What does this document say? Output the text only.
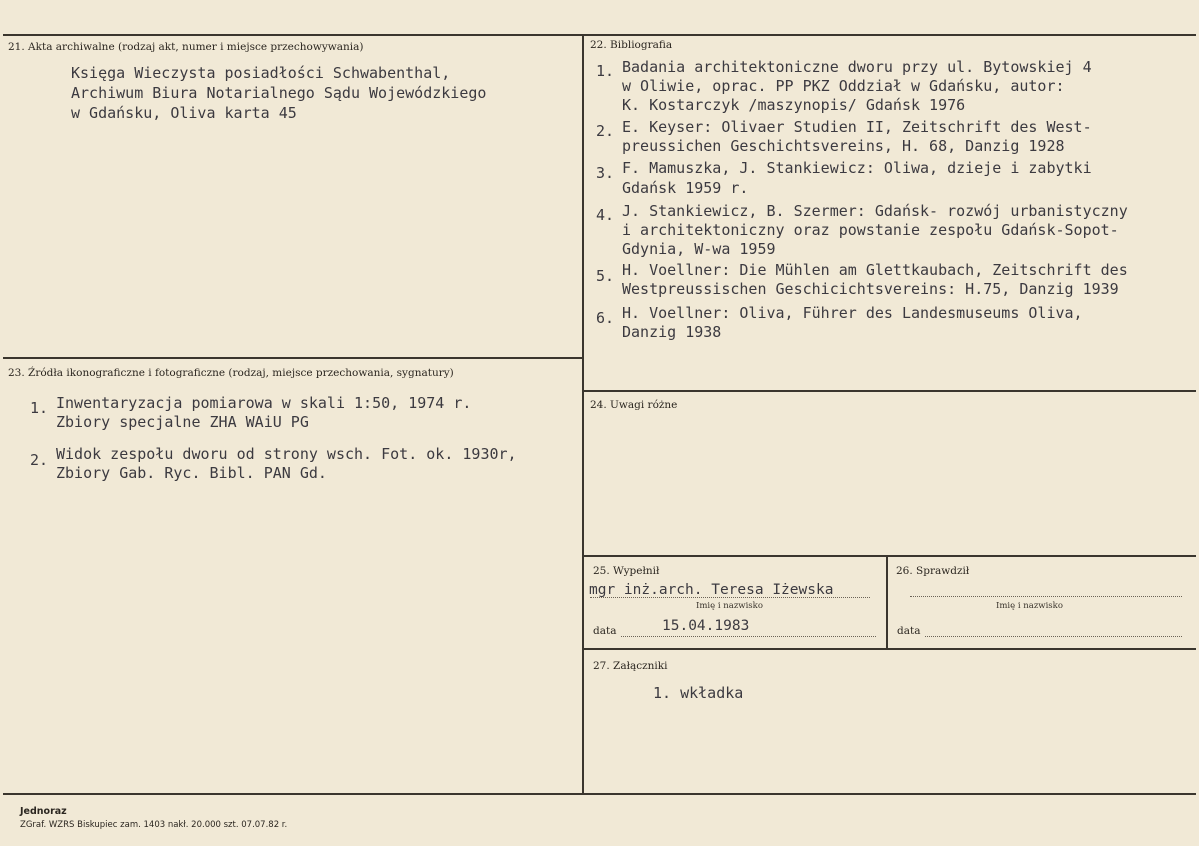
21. Akta archiwalne (rodzaj akt, numer i miejsce przechowywania)
Księga Wieczysta posiadłości Schwabenthal,
Archiwum Biura Notarialnego Sądu Wojewódzkiego
w Gdańsku, Oliva karta 45
22. Bibliografia
1. Badania architektoniczne dworu przy ul. Bytowskiej 4
w Oliwie, oprac. PP PKZ Oddział w Gdańsku, autor:
K. Kostarczyk /maszynopis/ Gdańsk 1976
2. E. Keyser: Olivaer Studien II, Zeitschrift des West-
preussichen Geschichtsvereins, H. 68, Danzig 1928
3. F. Mamuszka, J. Stankiewicz: Oliwa, dzieje i zabytki
Gdańsk 1959 r.
4. J. Stankiewicz, B. Szermer: Gdańsk- rozwój urbanistyczny
i architektoniczny oraz powstanie zespołu Gdańsk-Sopot-
Gdynia, W-wa 1959
5. H. Voellner: Die Mühlen am Glettkaubach, Zeitschrift des
Westpreussischen Geschicichtsvereins: H.75, Danzig 1939
6. H. Voellner: Oliva, Führer des Landesmuseums Oliva,
Danzig 1938
23. Źródła ikonograficzne i fotograficzne (rodzaj, miejsce przechowania, sygnatury)
1. Inwentaryzacja pomiarowa w skali 1:50, 1974 r.
Zbiory specjalne ZHA WAiU PG
2. Widok zespołu dworu od strony wsch. Fot. ok. 1930r,
Zbiory Gab. Ryc. Bibl. PAN Gd.
24. Uwagi różne
25. Wypełnił
mgr inż.arch. Teresa Iżewska
Imię i nazwisko
data	15.04.1983
26. Sprawdził
Imię i nazwisko
data
27. Załączniki
1. wkładka
Jednoraz
ZGraf. WZRS Biskupiec zam. 1403 nakł. 20.000 szt. 07.07.82 r.
